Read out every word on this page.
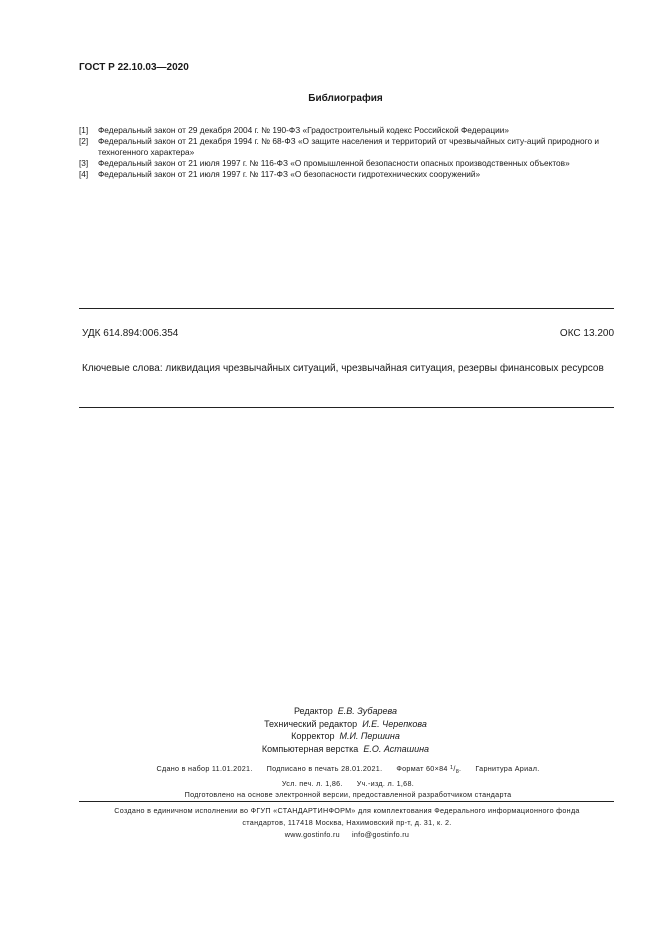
ГОСТ Р 22.10.03—2020
Библиография
[1]	Федеральный закон от 29 декабря 2004 г. № 190-ФЗ «Градостроительный кодекс Российской Федерации»
[2]	Федеральный закон от 21 декабря 1994 г. № 68-ФЗ «О защите населения и территорий от чрезвычайных ситу-аций природного и техногенного характера»
[3]	Федеральный закон от 21 июля 1997 г. № 116-ФЗ «О промышленной безопасности опасных производственных объектов»
[4]	Федеральный закон от 21 июля 1997 г. № 117-ФЗ «О безопасности гидротехнических сооружений»
УДК 614.894:006.354	ОКС 13.200
Ключевые слова: ликвидация чрезвычайных ситуаций, чрезвычайная ситуация, резервы финансовых ресурсов
Редактор Е.В. Зубарева
Технический редактор И.Е. Черепкова
Корректор М.И. Першина
Компьютерная верстка Е.О. Асташина
Сдано в набор 11.01.2021. Подписано в печать 28.01.2021. Формат 60×84 $^1/_8$. Гарнитура Ариал.
Усл. печ. л. 1,86. Уч.-изд. л. 1,68.
Подготовлено на основе электронной версии, предоставленной разработчиком стандарта
Создано в единичном исполнении во ФГУП «СТАНДАРТИНФОРМ» для комплектования Федерального информационного фонда
стандартов, 117418 Москва, Нахимовский пр-т, д. 31, к. 2.
www.gostinfo.ru info@gostinfo.ru
